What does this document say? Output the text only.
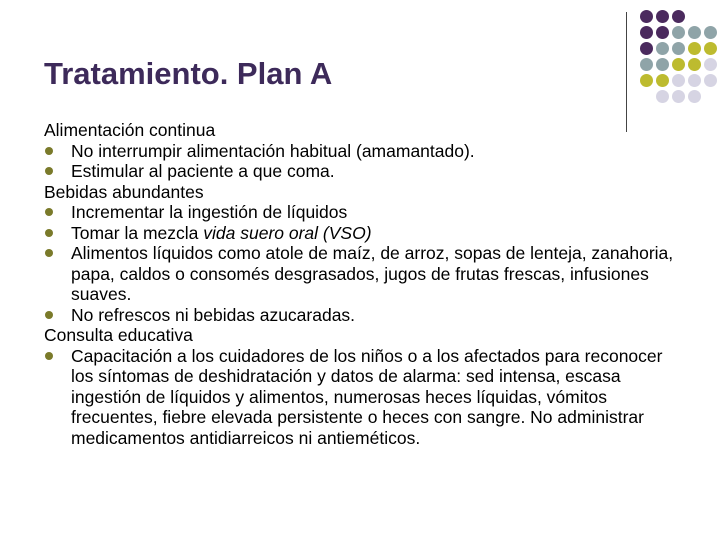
Tratamiento. Plan A

Alimentación continua

No interrumpir alimentación habitual (amamantado).
Estimular al paciente a que coma.

Bebidas abundantes

Incrementar la ingestión de líquidos
Tomar la mezcla vida suero oral (VSO)
Alimentos líquidos como atole de maíz, de arroz, sopas de lenteja, zanahoria, papa, caldos o consomés desgrasados, jugos de frutas frescas, infusiones suaves.
No refrescos ni bebidas azucaradas.

Consulta educativa

Capacitación a los cuidadores de los niños o a los afectados para reconocer los síntomas de deshidratación y datos de alarma: sed intensa, escasa ingestión de líquidos y alimentos, numerosas heces líquidas, vómitos frecuentes, fiebre elevada persistente o heces con sangre. No administrar medicamentos antidiarreicos ni antieméticos.
